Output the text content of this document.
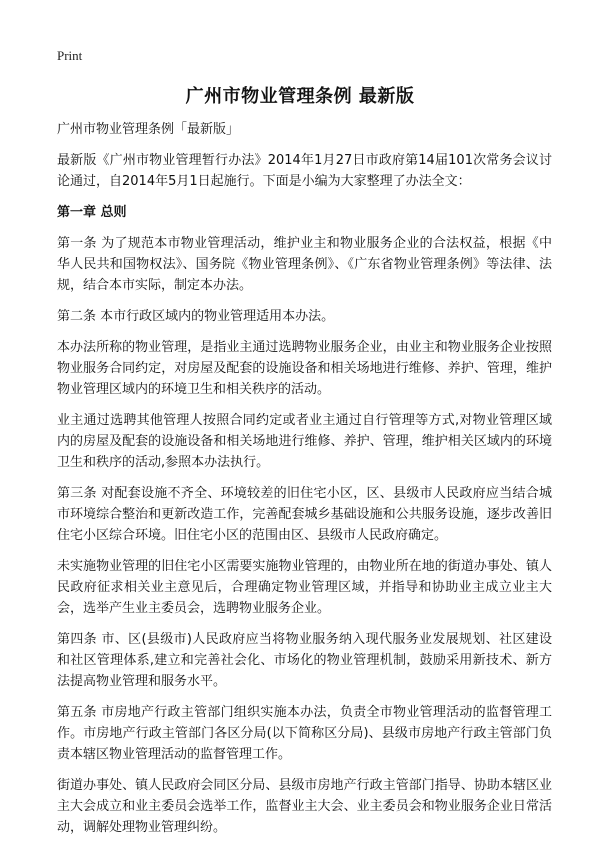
Print
广州市物业管理条例 最新版

广州市物业管理条例「最新版」

最新版《广州市物业管理暂行办法》2014年1月27日市政府第14届101次常务会议讨论通过，自2014年5月1日起施行。下面是小编为大家整理了办法全文：

第一章 总则

第一条 为了规范本市物业管理活动，维护业主和物业服务企业的合法权益，根据《中华人民共和国物权法》、国务院《物业管理条例》、《广东省物业管理条例》等法律、法规，结合本市实际，制定本办法。

第二条 本市行政区域内的物业管理适用本办法。

本办法所称的物业管理，是指业主通过选聘物业服务企业，由业主和物业服务企业按照物业服务合同约定，对房屋及配套的设施设备和相关场地进行维修、养护、管理，维护物业管理区域内的环境卫生和相关秩序的活动。

业主通过选聘其他管理人按照合同约定或者业主通过自行管理等方式,对物业管理区域内的房屋及配套的设施设备和相关场地进行维修、养护、管理，维护相关区域内的环境卫生和秩序的活动,参照本办法执行。

第三条 对配套设施不齐全、环境较差的旧住宅小区，区、县级市人民政府应当结合城市环境综合整治和更新改造工作，完善配套城乡基础设施和公共服务设施，逐步改善旧住宅小区综合环境。旧住宅小区的范围由区、县级市人民政府确定。

未实施物业管理的旧住宅小区需要实施物业管理的，由物业所在地的街道办事处、镇人民政府征求相关业主意见后，合理确定物业管理区域，并指导和协助业主成立业主大会，选举产生业主委员会，选聘物业服务企业。

第四条 市、区(县级市)人民政府应当将物业服务纳入现代服务业发展规划、社区建设和社区管理体系,建立和完善社会化、市场化的物业管理机制，鼓励采用新技术、新方法提高物业管理和服务水平。

第五条 市房地产行政主管部门组织实施本办法，负责全市物业管理活动的监督管理工作。市房地产行政主管部门各区分局(以下简称区分局)、县级市房地产行政主管部门负责本辖区物业管理活动的监督管理工作。

街道办事处、镇人民政府会同区分局、县级市房地产行政主管部门指导、协助本辖区业主大会成立和业主委员会选举工作，监督业主大会、业主委员会和物业服务企业日常活动，调解处理物业管理纠纷。
